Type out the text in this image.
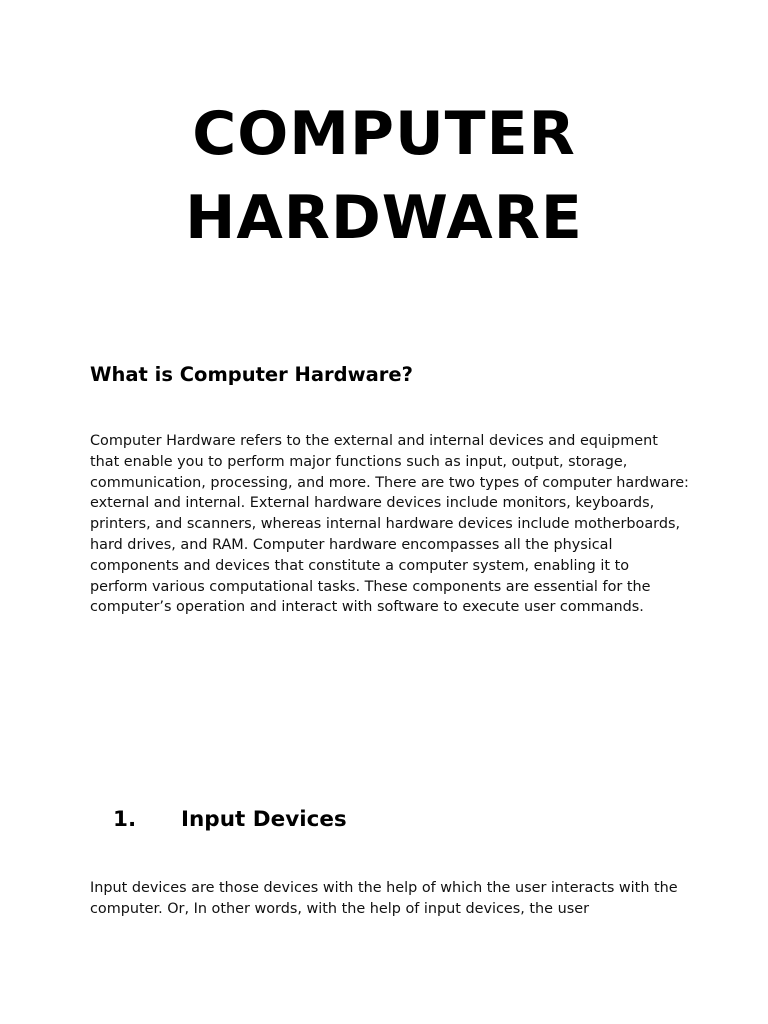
COMPUTER
HARDWARE
What is Computer Hardware?

Computer Hardware refers to the external and internal devices and equipment that enable you to perform major functions such as input, output, storage, communication, processing, and more. There are two types of computer hardware: external and internal. External hardware devices include monitors, keyboards, printers, and scanners, whereas internal hardware devices include motherboards, hard drives, and RAM. Computer hardware encompasses all the physical components and devices that constitute a computer system, enabling it to perform various computational tasks. These components are essential for the computer’s operation and interact with software to execute user commands.

1.	Input Devices

Input devices are those devices with the help of which the user interacts with the computer. Or, In other words, with the help of input devices, the user
